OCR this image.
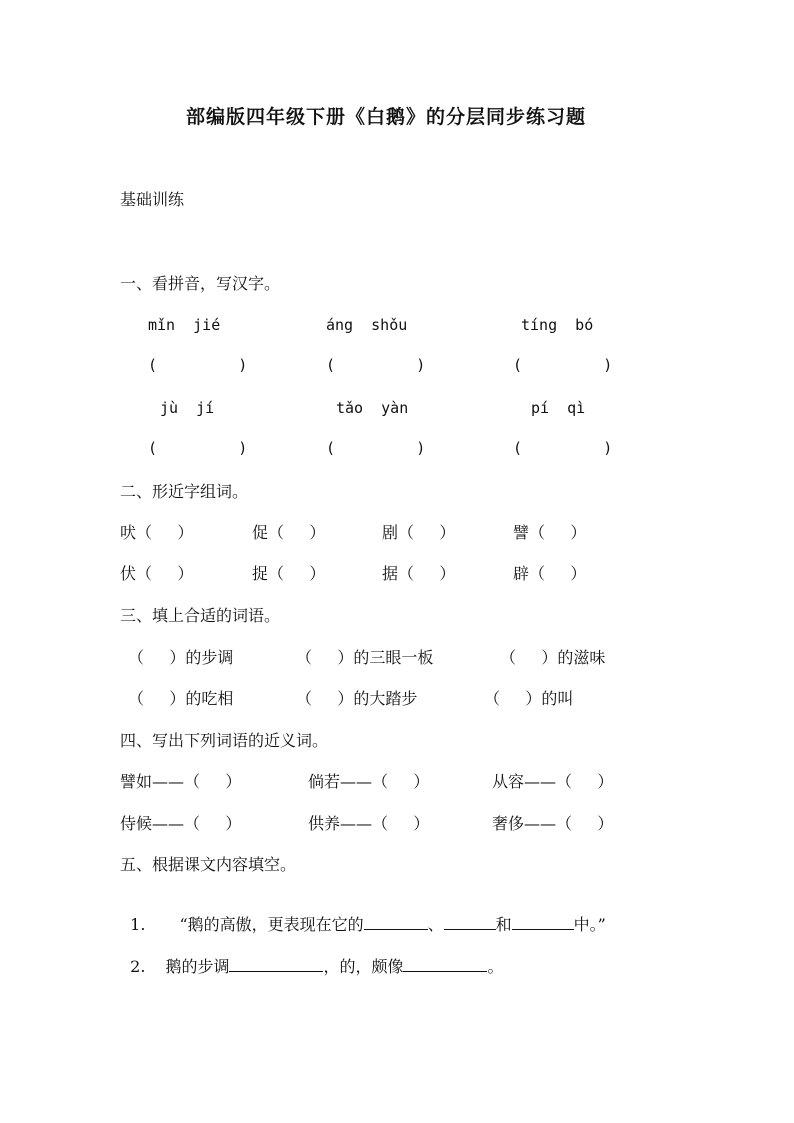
部编版四年级下册《白鹅》的分层同步练习题
基础训练
一、看拼音，写汉字。
mǐn  jié	áng  shǒu	tíng  bó
(         )	(         )	(         )
jù  jí	tǎo  yàn	pí  qì
(         )	(         )	(         )
二、形近字组词。
吠（     ）	促（     ）	剧（     ）	譬（     ）
伏（     ）	捉（     ）	据（     ）	辟（     ）
三、填上合适的词语。
（     ）的步调	（     ）的三眼一板	（     ）的滋味
（     ）的吃相	（     ）的大踏步	（     ）的叫
四、写出下列词语的近义词。
譬如——（     ）	倘若——（     ）	从容——（     ）
侍候——（     ）	供养——（     ）	奢侈——（     ）
五、根据课文内容填空。

1. “鹅的高傲，更表现在它的	、	和	中。”

2. 鹅的步调	，的，颇像	。
